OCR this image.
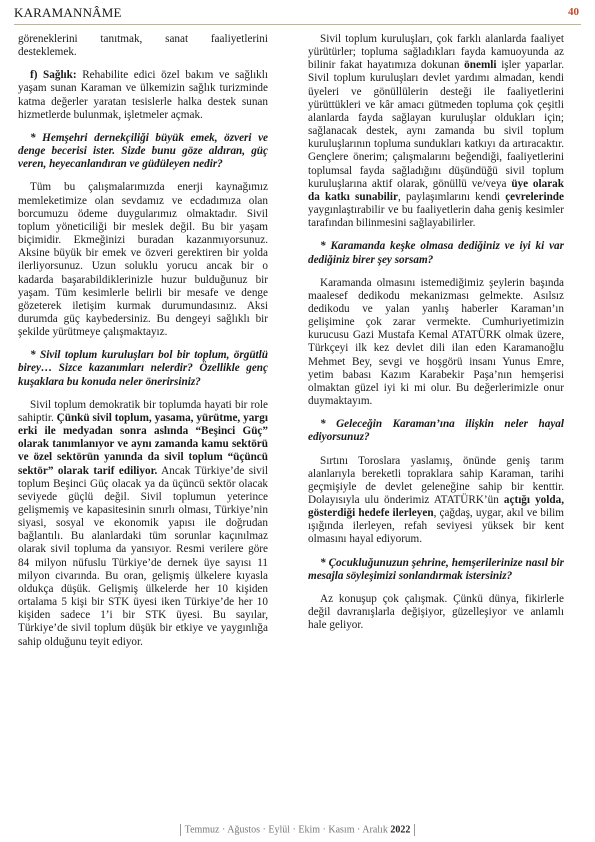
KARAMANNÂME	40

göreneklerini tanıtmak, sanat faaliyetlerini desteklemek.

f) Sağlık: Rehabilite edici özel bakım ve sağlıklı yaşam sunan Karaman ve ülkemizin sağlık turizminde katma değerler yaratan tesislerle halka destek sunan hizmetlerde bulunmak, işletmeler açmak.

* Hemşehri dernekçiliği büyük emek, özveri ve denge becerisi ister. Sizde bunu göze aldıran, güç veren, heyecanlandıran ve güdüleyen nedir?

Tüm bu çalışmalarımızda enerji kaynağımız memleketimize olan sevdamız ve ecdadımıza olan borcumuzu ödeme duygularımız olmaktadır. Sivil toplum yöneticiliği bir meslek değil. Bu bir yaşam biçimidir. Ekmeğinizi buradan kazanmıyorsunuz. Aksine büyük bir emek ve özveri gerektiren bir yolda ilerliyorsunuz. Uzun soluklu yorucu ancak bir o kadarda başarabildiklerinizle huzur bulduğunuz bir yaşam. Tüm kesimlerle belirli bir mesafe ve denge gözeterek iletişim kurmak durumundasınız. Aksi durumda güç kaybedersiniz. Bu dengeyi sağlıklı bir şekilde yürütmeye çalışmaktayız.

* Sivil toplum kuruluşları bol bir toplum, örgütlü birey… Sizce kazanımları nelerdir? Özellikle genç kuşaklara bu konuda neler önerirsiniz?

Sivil toplum demokratik bir toplumda hayati bir role sahiptir. Çünkü sivil toplum, yasama, yürütme, yargı erki ile medyadan sonra aslında “Beşinci Güç” olarak tanımlanıyor ve aynı zamanda kamu sektörü ve özel sektörün yanında da sivil toplum “üçüncü sektör” olarak tarif ediliyor. Ancak Türkiye’de sivil toplum Beşinci Güç olacak ya da üçüncü sektör olacak seviyede güçlü değil. Sivil toplumun yeterince gelişmemiş ve kapasitesinin sınırlı olması, Türkiye’nin siyasi, sosyal ve ekonomik yapısı ile doğrudan bağlantılı. Bu alanlardaki tüm sorunlar kaçınılmaz olarak sivil topluma da yansıyor. Resmi verilere göre 84 milyon nüfuslu Türkiye’de dernek üye sayısı 11 milyon civarında. Bu oran, gelişmiş ülkelere kıyasla oldukça düşük. Gelişmiş ülkelerde her 10 kişiden ortalama 5 kişi bir STK üyesi iken Türkiye’de her 10 kişiden sadece 1’i bir STK üyesi. Bu sayılar, Türkiye’de sivil toplum düşük bir etkiye ve yaygınlığa sahip olduğunu teyit ediyor.

Sivil toplum kuruluşları, çok farklı alanlarda faaliyet yürütürler; topluma sağladıkları fayda kamuoyunda az bilinir fakat hayatımıza dokunan önemli işler yaparlar. Sivil toplum kuruluşları devlet yardımı almadan, kendi üyeleri ve gönüllülerin desteği ile faaliyetlerini yürüttükleri ve kâr amacı gütmeden topluma çok çeşitli alanlarda fayda sağlayan kuruluşlar oldukları için; sağlanacak destek, aynı zamanda bu sivil toplum kuruluşlarının topluma sundukları katkıyı da artıracaktır. Gençlere önerim; çalışmalarını beğendiği, faaliyetlerini toplumsal fayda sağladığını düşündüğü sivil toplum kuruluşlarına aktif olarak, gönüllü ve/veya üye olarak da katkı sunabilir, paylaşımlarını kendi çevrelerinde yaygınlaştırabilir ve bu faaliyetlerin daha geniş kesimler tarafından bilinmesini sağlayabilirler.

* Karamanda keşke olmasa dediğiniz ve iyi ki var dediğiniz birer şey sorsam?

Karamanda olmasını istemediğimiz şeylerin başında maalesef dedikodu mekanizması gelmekte. Asılsız dedikodu ve yalan yanlış haberler Karaman’ın gelişimine çok zarar vermekte. Cumhuriyetimizin kurucusu Gazi Mustafa Kemal ATATÜRK olmak üzere, Türkçeyi ilk kez devlet dili ilan eden Karamanoğlu Mehmet Bey, sevgi ve hoşgörü insanı Yunus Emre, yetim babası Kazım Karabekir Paşa’nın hemşerisi olmaktan güzel iyi ki mi olur. Bu değerlerimizle onur duymaktayım.

* Geleceğin Karaman’ına ilişkin neler hayal ediyorsunuz?

Sırtını Toroslara yaslamış, önünde geniş tarım alanlarıyla bereketli topraklara sahip Karaman, tarihi geçmişiyle de devlet geleneğine sahip bir kenttir. Dolayısıyla ulu önderimiz ATATÜRK’ün açtığı yolda, gösterdiği hedefe ilerleyen, çağdaş, uygar, akıl ve bilim ışığında ilerleyen, refah seviyesi yüksek bir kent olmasını hayal ediyorum.

* Çocukluğunuzun şehrine, hemşerilerinize nasıl bir mesajla söyleşimizi sonlandırmak istersiniz?

Az konuşup çok çalışmak. Çünkü dünya, fikirlerle değil davranışlarla değişiyor, güzelleşiyor ve anlamlı hale geliyor.

Temmuz · Ağustos · Eylül · Ekim · Kasım · Aralık 2022
